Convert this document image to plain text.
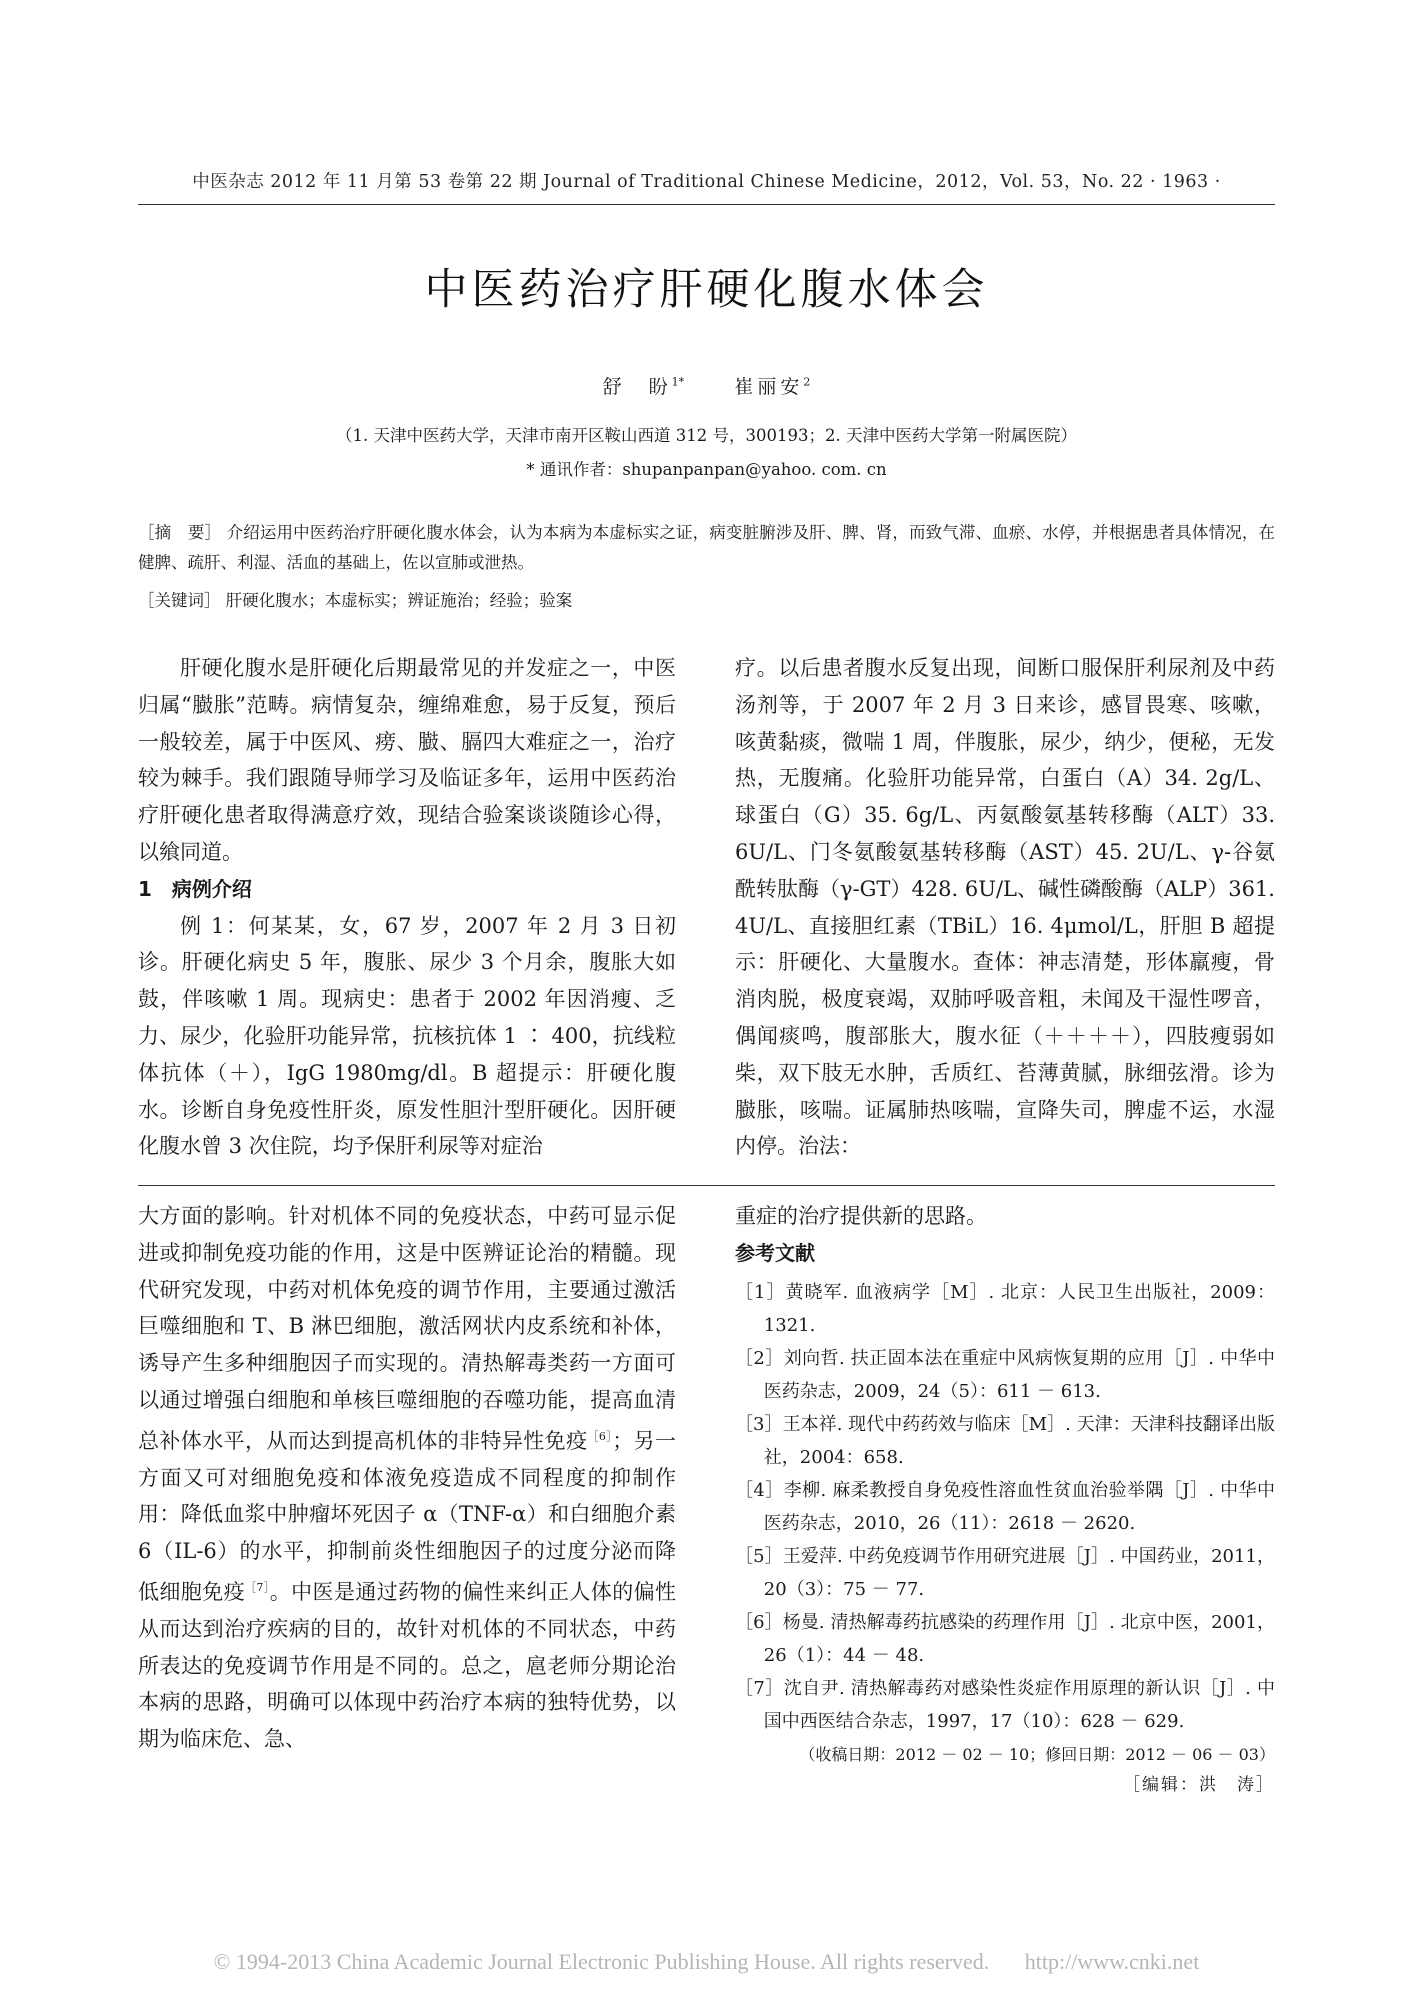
中医杂志 2012 年 11 月第 53 卷第 22 期 Journal of Traditional Chinese Medicine，2012，Vol. 53，No. 22 · 1963 ·
中医药治疗肝硬化腹水体会
舒　盼$^{1*}$	崔丽安$^2$
（1. 天津中医药大学，天津市南开区鞍山西道 312 号，300193；2. 天津中医药大学第一附属医院）
* 通讯作者：shupanpanpan@yahoo. com. cn
［摘　要］ 介绍运用中医药治疗肝硬化腹水体会，认为本病为本虚标实之证，病变脏腑涉及肝、脾、肾，而致气滞、血瘀、水停，并根据患者具体情况，在健脾、疏肝、利湿、活血的基础上，佐以宣肺或泄热。
［关键词］ 肝硬化腹水；本虚标实；辨证施治；经验；验案

肝硬化腹水是肝硬化后期最常见的并发症之一，中医归属“臌胀”范畴。病情复杂，缠绵难愈，易于反复，预后一般较差，属于中医风、痨、臌、膈四大难症之一，治疗较为棘手。我们跟随导师学习及临证多年，运用中医药治疗肝硬化患者取得满意疗效，现结合验案谈谈随诊心得，以飨同道。

1　病例介绍

例 1：何某某，女，67 岁，2007 年 2 月 3 日初诊。肝硬化病史 5 年，腹胀、尿少 3 个月余，腹胀大如鼓，伴咳嗽 1 周。现病史：患者于 2002 年因消瘦、乏力、尿少，化验肝功能异常，抗核抗体 1 ∶ 400，抗线粒体抗体（＋），IgG 1980mg/dl。B 超提示：肝硬化腹水。诊断自身免疫性肝炎，原发性胆汁型肝硬化。因肝硬化腹水曾 3 次住院，均予保肝利尿等对症治

疗。以后患者腹水反复出现，间断口服保肝利尿剂及中药汤剂等，于 2007 年 2 月 3 日来诊，感冒畏寒、咳嗽，咳黄黏痰，微喘 1 周，伴腹胀，尿少，纳少，便秘，无发热，无腹痛。化验肝功能异常，白蛋白（A）34. 2g/L、球蛋白（G）35. 6g/L、丙氨酸氨基转移酶（ALT）33. 6U/L、门冬氨酸氨基转移酶（AST）45. 2U/L、γ-谷氨酰转肽酶（γ-GT）428. 6U/L、碱性磷酸酶（ALP）361. 4U/L、直接胆红素（TBiL）16. 4μmol/L，肝胆 B 超提示：肝硬化、大量腹水。查体：神志清楚，形体羸瘦，骨消肉脱，极度衰竭，双肺呼吸音粗，未闻及干湿性啰音，偶闻痰鸣，腹部胀大，腹水征（＋＋＋＋），四肢瘦弱如柴，双下肢无水肿，舌质红、苔薄黄腻，脉细弦滑。诊为臌胀，咳喘。证属肺热咳喘，宣降失司，脾虚不运，水湿内停。治法：

大方面的影响。针对机体不同的免疫状态，中药可显示促进或抑制免疫功能的作用，这是中医辨证论治的精髓。现代研究发现，中药对机体免疫的调节作用，主要通过激活巨噬细胞和 T、B 淋巴细胞，激活网状内皮系统和补体，诱导产生多种细胞因子而实现的。清热解毒类药一方面可以通过增强白细胞和单核巨噬细胞的吞噬功能，提高血清总补体水平，从而达到提高机体的非特异性免疫$^{[6]}$；另一方面又可对细胞免疫和体液免疫造成不同程度的抑制作用：降低血浆中肿瘤坏死因子 α（TNF-α）和白细胞介素 6（IL-6）的水平，抑制前炎性细胞因子的过度分泌而降低细胞免疫$^{[7]}$。中医是通过药物的偏性来纠正人体的偏性从而达到治疗疾病的目的，故针对机体的不同状态，中药所表达的免疫调节作用是不同的。总之，扈老师分期论治本病的思路，明确可以体现中药治疗本病的独特优势，以期为临床危、急、

重症的治疗提供新的思路。

参考文献

［1］黄晓军. 血液病学［M］. 北京：人民卫生出版社，2009：1321.
［2］刘向哲. 扶正固本法在重症中风病恢复期的应用［J］. 中华中医药杂志，2009，24（5）：611 － 613.
［3］王本祥. 现代中药药效与临床［M］. 天津：天津科技翻译出版社，2004：658.
［4］李柳. 麻柔教授自身免疫性溶血性贫血治验举隅［J］. 中华中医药杂志，2010，26（11）：2618 － 2620.
［5］王爱萍. 中药免疫调节作用研究进展［J］. 中国药业，2011，20（3）：75 － 77.
［6］杨曼. 清热解毒药抗感染的药理作用［J］. 北京中医，2001，26（1）：44 － 48.
［7］沈自尹. 清热解毒药对感染性炎症作用原理的新认识［J］. 中国中西医结合杂志，1997，17（10）：628 － 629.
（收稿日期：2012 － 02 － 10；修回日期：2012 － 06 － 03）
［编辑：洪　涛］
© 1994-2013 China Academic Journal Electronic Publishing House. All rights reserved. http://www.cnki.net
